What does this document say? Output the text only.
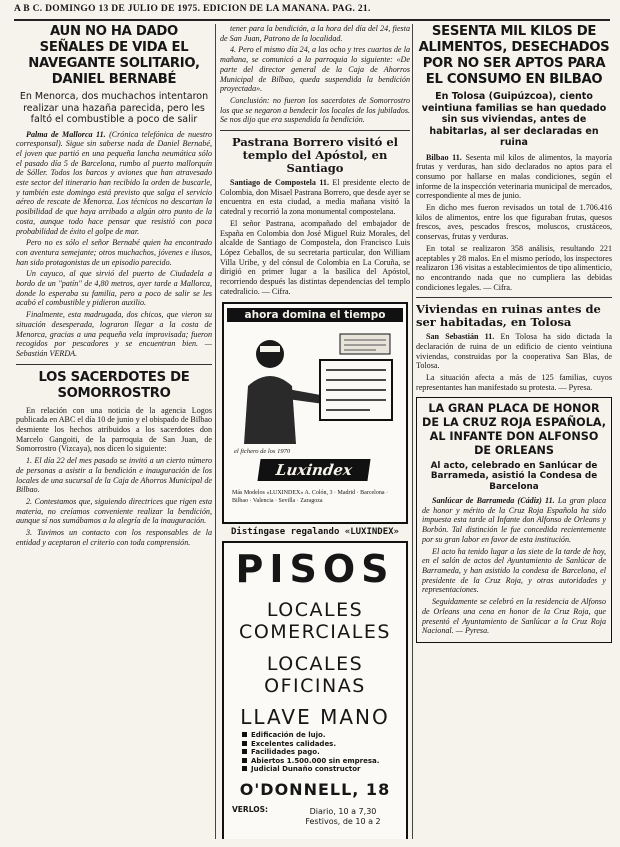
A B C. DOMINGO 13 DE JULIO DE 1975. EDICION DE LA MAÑANA. PAG. 21.
AÚN NO HA DADO SEÑALES DE VIDA EL NAVEGANTE SOLITARIO, DANIEL BERNABÉ

En Menorca, dos muchachos intentaron realizar una hazaña parecida, pero les faltó el combustible a poco de salir

Palma de Mallorca 11. (Crónica telefónica de nuestro corresponsal). Sigue sin saberse nada de Daniel Bernabé, el joven que partió en una pequeña lancha neumática sólo el pasado día 5 de Barcelona, rumbo al puerto mallorquín de Sóller. Todos los barcos y aviones que han atravesado este sector del itinerario han recibido la orden de buscarle, y también este domingo está previsto que salga el servicio aéreo de rescate de Menorca. Los técnicos no descartan la posibilidad de que haya arribado a algún otro punto de la costa, aunque todo hace pensar que resistió con poca probabilidad de éxito el golpe de mar.

Pero no es sólo el señor Bernabé quien ha encontrado con aventura semejante; otros muchachos, jóvenes e ilusos, han sido protagonistas de un episodio parecido.

Un cayuco, al que sirvió del puerto de Ciudadela a bordo de un "patín" de 4,80 metros, ayer tarde a Mallorca, donde lo esperaba su familia, pero a poco de salir se les acabó el combustible y pidieron auxilio.

Finalmente, esta madrugada, dos chicos, que vieron su situación desesperada, lograron llegar a la costa de Menorca, gracias a una pequeña vela improvisada; fueron recogidos por pescadores y se encuentran bien. — Sebastián VERDA.

LOS SACERDOTES DE SOMORROSTRO

En relación con una noticia de la agencia Logos publicada en ABC el día 10 de junio y el obispado de Bilbao desmiente los hechos atribuidos a los sacerdotes don Marcelo Gangoiti, de la parroquia de San Juan, de Somorrostro (Vizcaya), nos dicen lo siguiente:

1. El día 22 del mes pasado se invitó a un cierto número de personas a asistir a la bendición e inauguración de los locales de una sucursal de la Caja de Ahorros Municipal de Bilbao.

2. Contestamos que, siguiendo directrices que rigen esta materia, no creíamos conveniente realizar la bendición, aunque sí nos sumábamos a la alegría de la inauguración.

3. Tuvimos un contacto con los responsables de la entidad y aceptaron el criterio con toda comprensión.

tener para la bendición, a la hora del día del 24, fiesta de San Juan, Patrono de la localidad.

4. Pero el mismo día 24, a las ocho y tres cuartos de la mañana, se comunicó a la parroquia lo siguiente: «De parte del director general de la Caja de Ahorros Municipal de Bilbao, queda suspendida la bendición proyectada».

Conclusión: no fueron los sacerdotes de Somorrostro los que se negaron a bendecir los locales de los jubilados. Se nos dijo que era suspendida la bendición.

Pastrana Borrero visitó el templo del Apóstol, en Santiago

Santiago de Compostela 11. El presidente electo de Colombia, don Misael Pastrana Borrero, que desde ayer se encuentra en esta ciudad, a media mañana visitó la catedral y recorrió la zona monumental compostelana.

El señor Pastrana, acompañado del embajador de España en Colombia don José Miguel Ruiz Morales, del alcalde de Santiago de Compostela, don Francisco Luis López Ceballos, de su secretaria particular, don William Villa Uribe, y del cónsul de Colombia en La Coruña, se dirigió en primer lugar a la basílica del Apóstol, recorriendo después las distintas dependencias del templo catedralicio. — Cifra.

ahora domina el tiempo
el fichero de los 1970
Luxindex
Más Modelos «LUXINDEX» A. Colón, 3 · Madrid · Barcelona · Bilbao · Valencia · Sevilla · Zaragoza
Distíngase regalando «LUXINDEX»
PISOS
LOCALES
COMERCIALES
LOCALES
OFICINAS
LLAVE MANO
Edificación de lujo.
Excelentes calidades.
Facilidades pago.
Abiertos 1.500.000 sin empresa.
Judicial Dunaño constructor
O'DONNELL, 18
VERLOS:	Diario, 10 a 7,30
Festivos, de 10 a 2
SESENTA MIL KILOS DE ALIMENTOS, DESECHADOS POR NO SER APTOS PARA EL CONSUMO EN BILBAO

En Tolosa (Guipúzcoa), ciento veintiuna familias se han quedado sin sus viviendas, antes de habitarlas, al ser declaradas en ruina

Bilbao 11. Sesenta mil kilos de alimentos, la mayoría frutas y verduras, han sido declarados no aptos para el consumo por hallarse en malas condiciones, según el informe de la inspección veterinaria municipal de mercados, correspondiente al mes de junio.

En dicho mes fueron revisados un total de 1.706.416 kilos de alimentos, entre los que figuraban frutas, quesos frescos, aves, pescados frescos, moluscos, crustáceos, conservas, frutas y verduras.

En total se realizaron 358 análisis, resultando 221 aceptables y 28 malos. En el mismo período, los inspectores realizaron 136 visitas a establecimientos de tipo alimenticio, no encontrando nada que no cumpliera las debidas condiciones legales. — Cifra.

Viviendas en ruinas antes de ser habitadas, en Tolosa

San Sebastián 11. En Tolosa ha sido dictada la declaración de ruina de un edificio de ciento veintiuna viviendas, construidas por la cooperativa San Blas, de Tolosa.

La situación afecta a más de 125 familias, cuyos representantes han manifestado su protesta. — Pyresa.

LA GRAN PLACA DE HONOR DE LA CRUZ ROJA ESPAÑOLA, AL INFANTE DON ALFONSO DE ORLEANS

Al acto, celebrado en Sanlúcar de Barrameda, asistió la Condesa de Barcelona

Sanlúcar de Barrameda (Cádiz) 11. La gran placa de honor y mérito de la Cruz Roja Española ha sido impuesta esta tarde al Infante don Alfonso de Orleans y Borbón. Tal distinción le fue concedida recientemente por su gran labor en favor de esta institución.

El acto ha tenido lugar a las siete de la tarde de hoy, en el salón de actos del Ayuntamiento de Sanlúcar de Barrameda, y han asistido la condesa de Barcelona, el presidente de la Cruz Roja, y otras autoridades y representaciones.

Seguidamente se celebró en la residencia de Alfonso de Orleans una cena en honor de la Cruz Roja, que presentó el Ayuntamiento de Sanlúcar a la Cruz Roja Nacional. — Pyresa.
